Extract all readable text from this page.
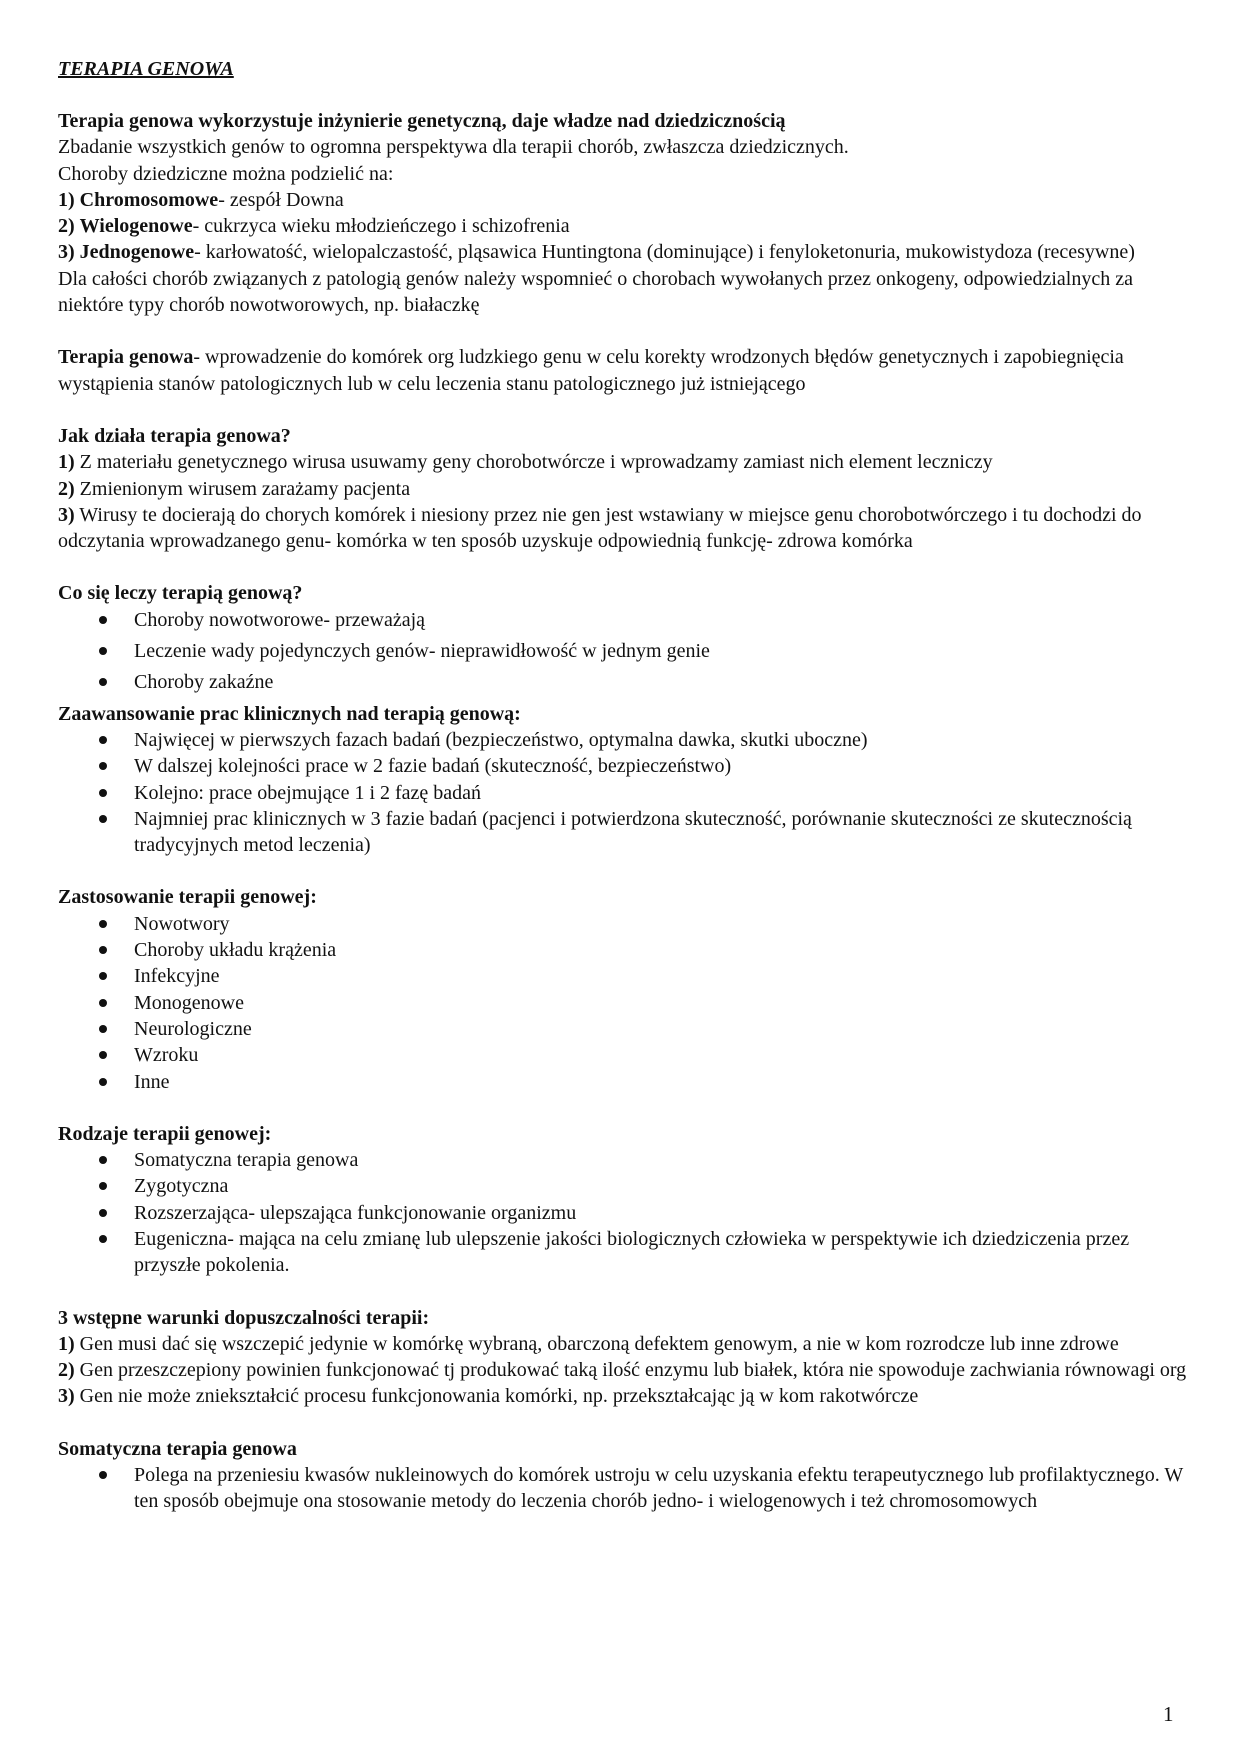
TERAPIA GENOWA

Terapia genowa wykorzystuje inżynierie genetyczną, daje władze nad dziedzicznością

Zbadanie wszystkich genów to ogromna perspektywa dla terapii chorób, zwłaszcza dziedzicznych.

Choroby dziedziczne można podzielić na:

1) Chromosomowe- zespół Downa

2) Wielogenowe- cukrzyca wieku młodzieńczego i schizofrenia

3) Jednogenowe- karłowatość, wielopalczastość, pląsawica Huntingtona (dominujące) i fenyloketonuria, mukowistydoza (recesywne)

Dla całości chorób związanych z patologią genów należy wspomnieć o chorobach wywołanych przez onkogeny, odpowiedzialnych za niektóre typy chorób nowotworowych, np. białaczkę

Terapia genowa- wprowadzenie do komórek org ludzkiego genu w celu korekty wrodzonych błędów genetycznych i zapobiegnięcia wystąpienia stanów patologicznych lub w celu leczenia stanu patologicznego już istniejącego

Jak działa terapia genowa?

1) Z materiału genetycznego wirusa usuwamy geny chorobotwórcze i wprowadzamy zamiast nich element leczniczy

2) Zmienionym wirusem zarażamy pacjenta

3) Wirusy te docierają do chorych komórek i niesiony przez nie gen jest wstawiany w miejsce genu chorobotwórczego i tu dochodzi do odczytania wprowadzanego genu- komórka w ten sposób uzyskuje odpowiednią funkcję- zdrowa komórka

Co się leczy terapią genową?

Choroby nowotworowe- przeważają
Leczenie wady pojedynczych genów- nieprawidłowość w jednym genie
Choroby zakaźne

Zaawansowanie prac klinicznych nad terapią genową:

Najwięcej w pierwszych fazach badań (bezpieczeństwo, optymalna dawka, skutki uboczne)
W dalszej kolejności prace w 2 fazie badań (skuteczność, bezpieczeństwo)
Kolejno: prace obejmujące 1 i 2 fazę badań
Najmniej prac klinicznych w 3 fazie badań (pacjenci i potwierdzona skuteczność, porównanie skuteczności ze skutecznością tradycyjnych metod leczenia)

Zastosowanie terapii genowej:

Nowotwory
Choroby układu krążenia
Infekcyjne
Monogenowe
Neurologiczne
Wzroku
Inne

Rodzaje terapii genowej:

Somatyczna terapia genowa
Zygotyczna
Rozszerzająca- ulepszająca funkcjonowanie organizmu
Eugeniczna- mająca na celu zmianę lub ulepszenie jakości biologicznych człowieka w perspektywie ich dziedziczenia przez przyszłe pokolenia.

3 wstępne warunki dopuszczalności terapii:

1) Gen musi dać się wszczepić jedynie w komórkę wybraną, obarczoną defektem genowym, a nie w kom rozrodcze lub inne zdrowe

2) Gen przeszczepiony powinien funkcjonować tj produkować taką ilość enzymu lub białek, która nie spowoduje zachwiania równowagi org

3) Gen nie może zniekształcić procesu funkcjonowania komórki, np. przekształcając ją w kom rakotwórcze

Somatyczna terapia genowa

Polega na przeniesiu kwasów nukleinowych do komórek ustroju w celu uzyskania efektu terapeutycznego lub profilaktycznego. W ten sposób obejmuje ona stosowanie metody do leczenia chorób jedno- i wielogenowych i też chromosomowych
1
